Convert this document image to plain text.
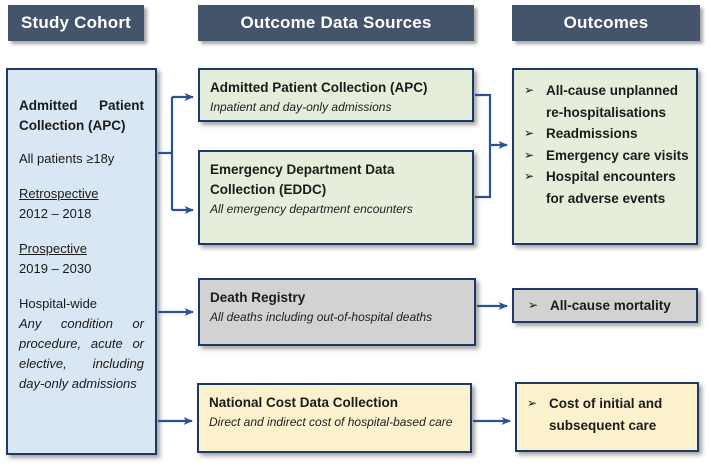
Study Cohort	Outcome Data Sources	Outcomes
Admitted Patient Collection (APC)
All patients ≥18y
Retrospective
2012 – 2018
Prospective
2019 – 2030
Hospital-wide
Any condition or procedure, acute or elective, including day-only admissions
Admitted Patient Collection (APC)
Inpatient and day-only admissions
Emergency Department Data Collection (EDDC)
All emergency department encounters
Death Registry
All deaths including out-of-hospital deaths
National Cost Data Collection
Direct and indirect cost of hospital-based care
➢ All-cause unplanned re-hospitalisations
➢ Readmissions
➢ Emergency care visits
➢ Hospital encounters for adverse events
➢ All-cause mortality
➢ Cost of initial and subsequent care
